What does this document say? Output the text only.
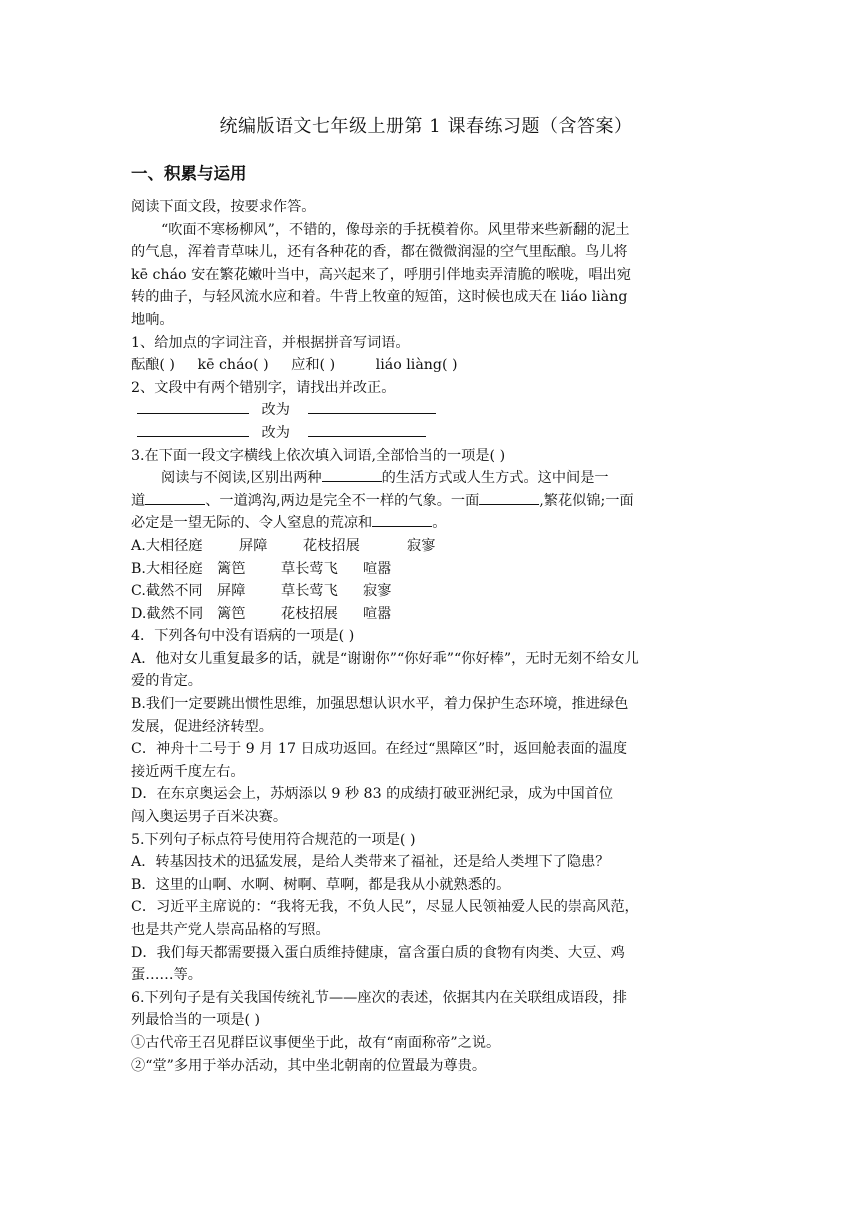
统编版语文七年级上册第 1 课春练习题（含答案）
一、积累与运用
阅读下面文段，按要求作答。
“吹面不寒杨柳风”，不错的，像母亲的手抚模着你。风里带来些新翻的泥土
的气息，浑着青草味儿，还有各种花的香，都在微微润湿的空气里酝酿。鸟儿将
kē cháo 安在繁花嫩叶当中，高兴起来了，呼朋引伴地卖弄清脆的喉咙，唱出宛
转的曲子，与轻风流水应和着。牛背上牧童的短笛，这时候也成天在 liáo liàng
地响。
1、给加点的字词注音，并根据拼音写词语。
酝酿( ) kē cháo( ) 应和( )	liáo liàng( )
2、文段中有两个错别字，请找出并改正。
改为
改为
3.在下面一段文字横线上依次填入词语,全部恰当的一项是( )
阅读与不阅读,区别出两种	的生活方式或人生方式。这中间是一
道	、一道鸿沟,两边是完全不一样的气象。一面	,繁花似锦;一面
必定是一望无际的、令人窒息的荒凉和	。
A.大相径庭	屏障	花枝招展	寂寥
B.大相径庭 篱笆	草长莺飞 喧嚣
C.截然不同 屏障	草长莺飞 寂寥
D.截然不同 篱笆	花枝招展 喧嚣
4．下列各句中没有语病的一项是( )
A．他对女儿重复最多的话，就是“谢谢你”“你好乖”“你好棒”，无时无刻不给女儿
爱的肯定。
B.我们一定要跳出惯性思维，加强思想认识水平，着力保护生态环境，推进绿色
发展，促进经济转型。
C．神舟十二号于 9 月 17 日成功返回。在经过“黑障区”时，返回舱表面的温度
接近两千度左右。
D．在东京奥运会上，苏炳添以 9 秒 83 的成绩打破亚洲纪录，成为中国首位
闯入奥运男子百米决赛。
5.下列句子标点符号使用符合规范的一项是( )
A．转基因技术的迅猛发展，是给人类带来了福祉，还是给人类埋下了隐患？
B．这里的山啊、水啊、树啊、草啊，都是我从小就熟悉的。
C．习近平主席说的：“我将无我，不负人民”，尽显人民领袖爱人民的崇高风范，
也是共产党人崇高品格的写照。
D．我们每天都需要摄入蛋白质维持健康，富含蛋白质的食物有肉类、大豆、鸡
蛋……等。
6.下列句子是有关我国传统礼节——座次的表述，依据其内在关联组成语段，排
列最恰当的一项是( )
①古代帝王召见群臣议事便坐于此，故有“南面称帝”之说。
②“堂”多用于举办活动，其中坐北朝南的位置最为尊贵。
